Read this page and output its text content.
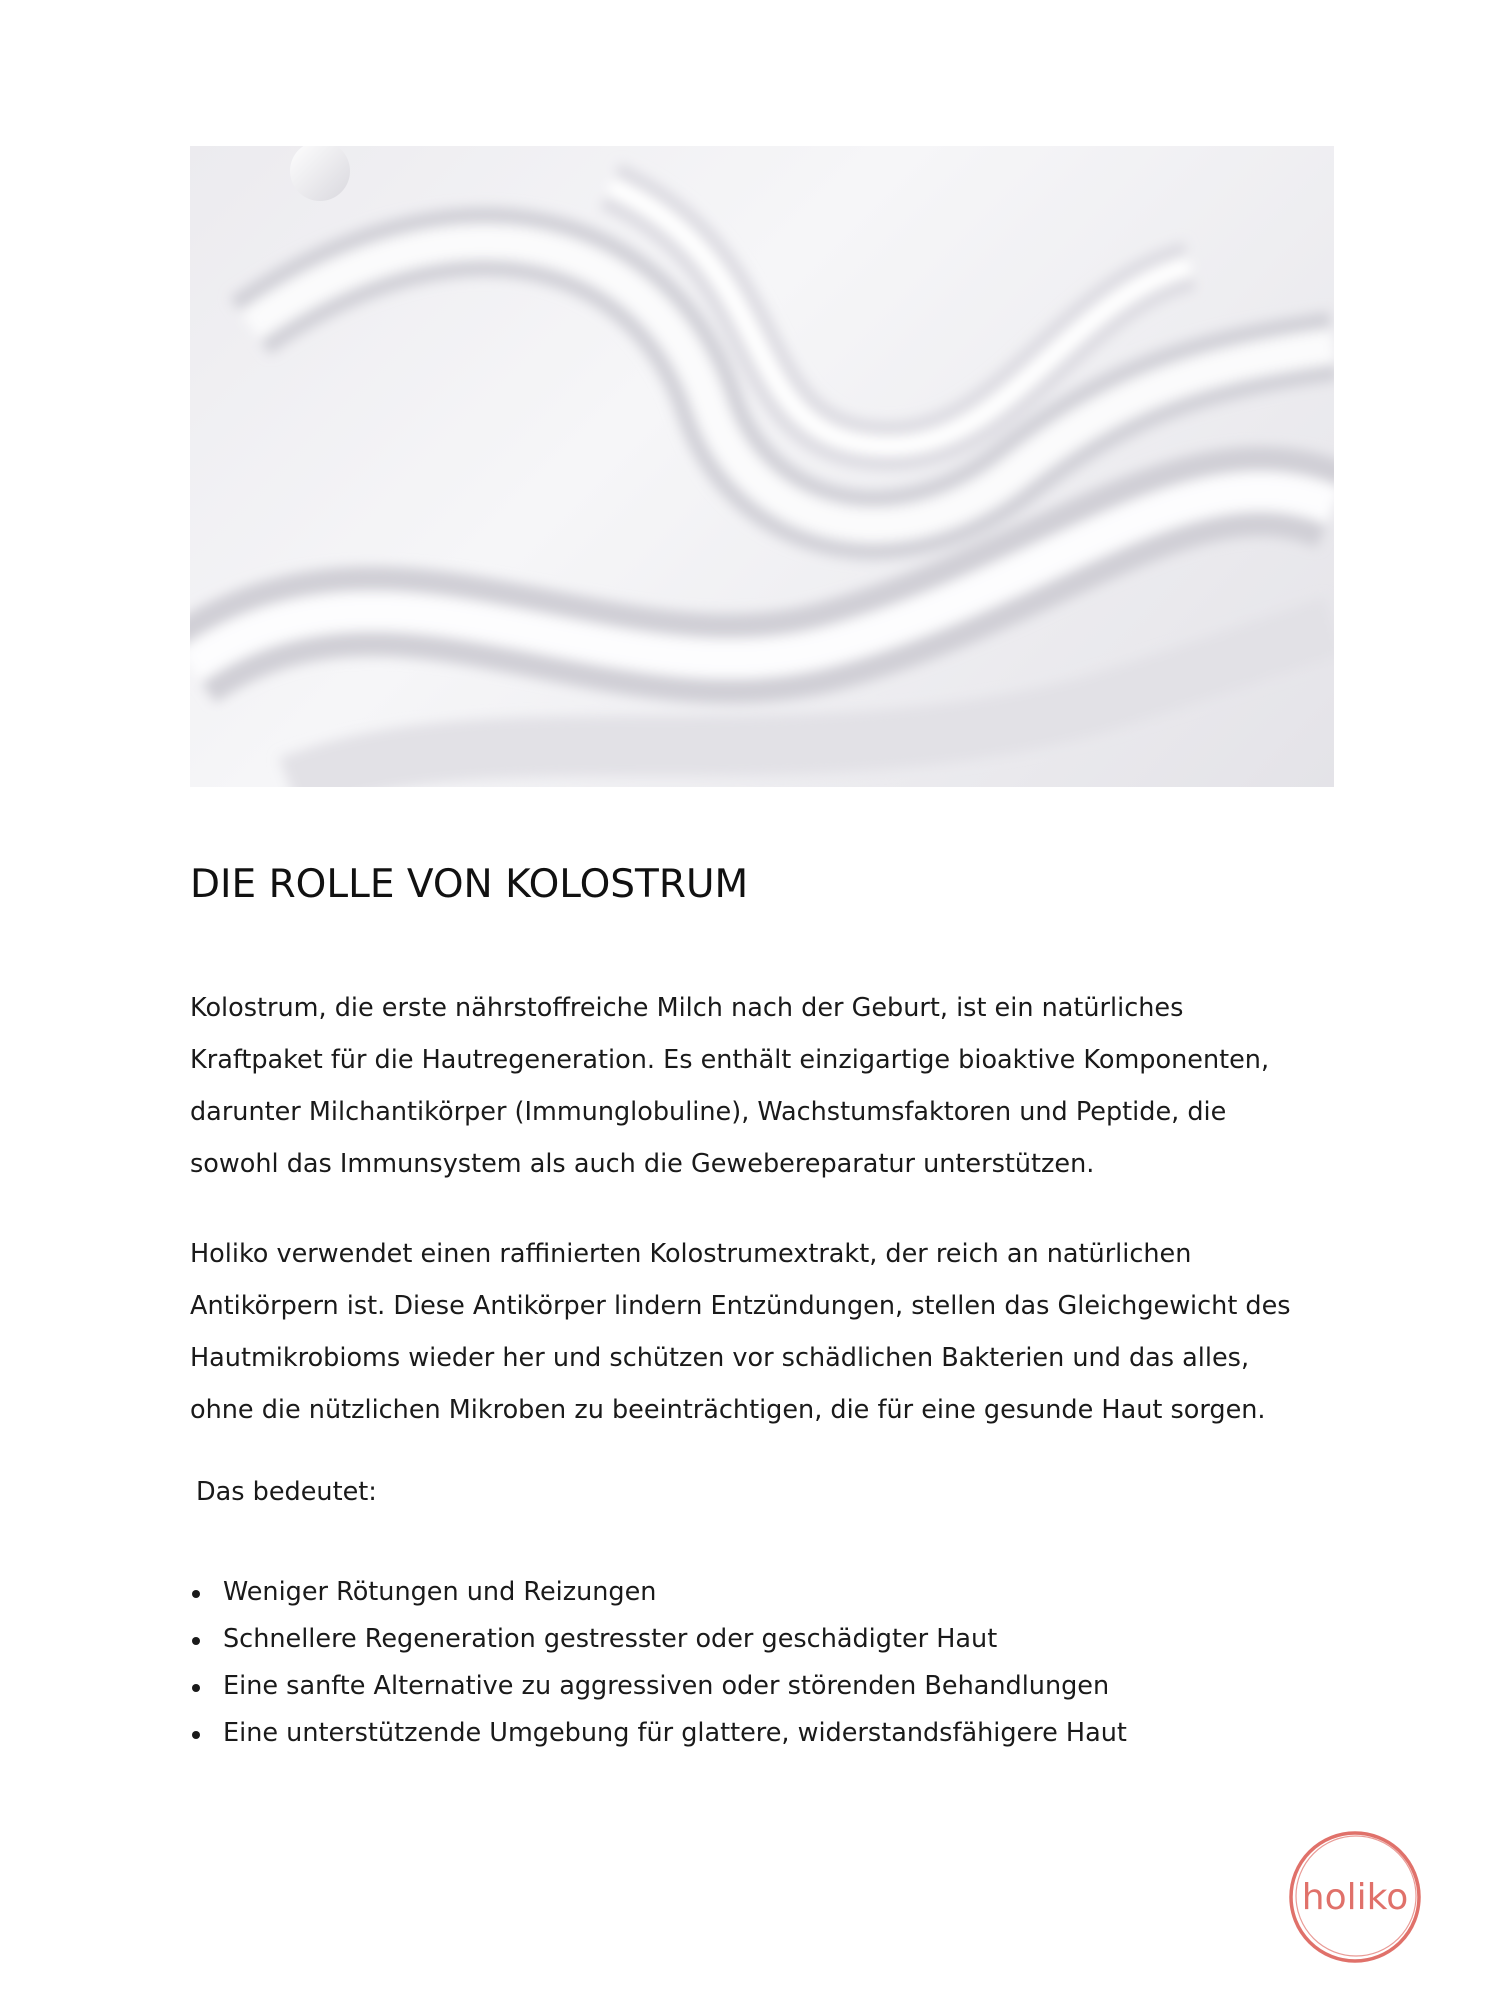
DIE ROLLE VON KOLOSTRUM

Kolostrum, die erste nährstoffreiche Milch nach der Geburt, ist ein natürliches
Kraftpaket für die Hautregeneration. Es enthält einzigartige bioaktive Komponenten,
darunter Milchantikörper (Immunglobuline), Wachstumsfaktoren und Peptide, die
sowohl das Immunsystem als auch die Gewebereparatur unterstützen.

Holiko verwendet einen raffinierten Kolostrumextrakt, der reich an natürlichen
Antikörpern ist. Diese Antikörper lindern Entzündungen, stellen das Gleichgewicht des
Hautmikrobioms wieder her und schützen vor schädlichen Bakterien und das alles,
ohne die nützlichen Mikroben zu beeinträchtigen, die für eine gesunde Haut sorgen.

Das bedeutet:

Weniger Rötungen und Reizungen
Schnellere Regeneration gestresster oder geschädigter Haut
Eine sanfte Alternative zu aggressiven oder störenden Behandlungen
Eine unterstützende Umgebung für glattere, widerstandsfähigere Haut
holiko
